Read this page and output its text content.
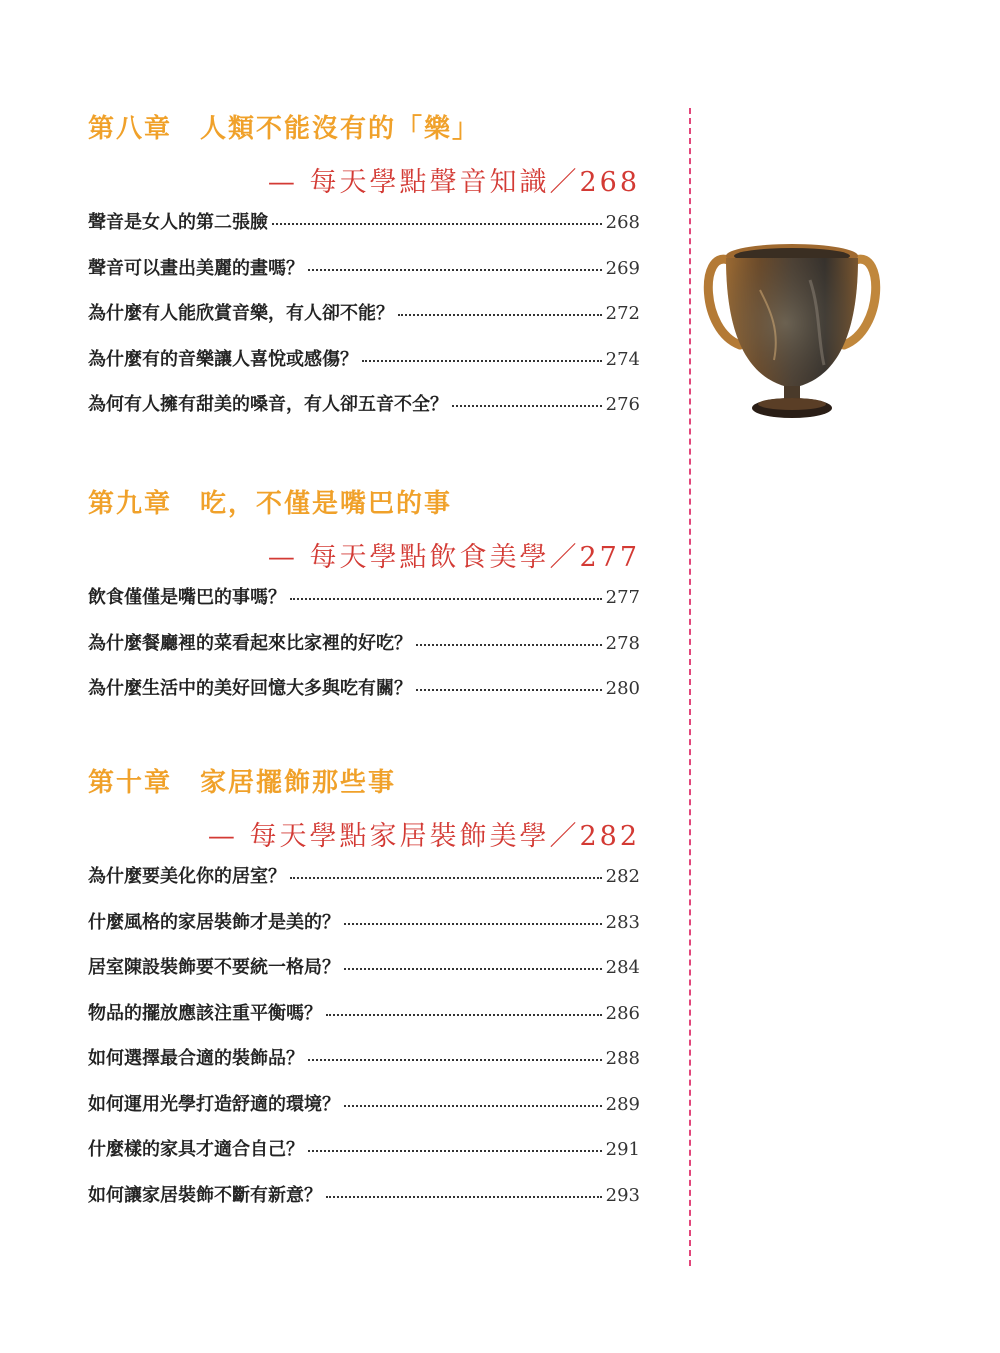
第八章 人類不能沒有的「樂」
— 每天學點聲音知識／268
聲音是女人的第二張臉	268
聲音可以畫出美麗的畫嗎？	269
為什麼有人能欣賞音樂，有人卻不能？	272
為什麼有的音樂讓人喜悅或感傷？	274
為何有人擁有甜美的嗓音，有人卻五音不全？	276
第九章 吃，不僅是嘴巴的事
— 每天學點飲食美學／277
飲食僅僅是嘴巴的事嗎？	277
為什麼餐廳裡的菜看起來比家裡的好吃？	278
為什麼生活中的美好回憶大多與吃有關？	280
第十章 家居擺飾那些事
— 每天學點家居裝飾美學／282
為什麼要美化你的居室？	282
什麼風格的家居裝飾才是美的？	283
居室陳設裝飾要不要統一格局？	284
物品的擺放應該注重平衡嗎？	286
如何選擇最合適的裝飾品？	288
如何運用光學打造舒適的環境？	289
什麼樣的家具才適合自己？	291
如何讓家居裝飾不斷有新意？	293
